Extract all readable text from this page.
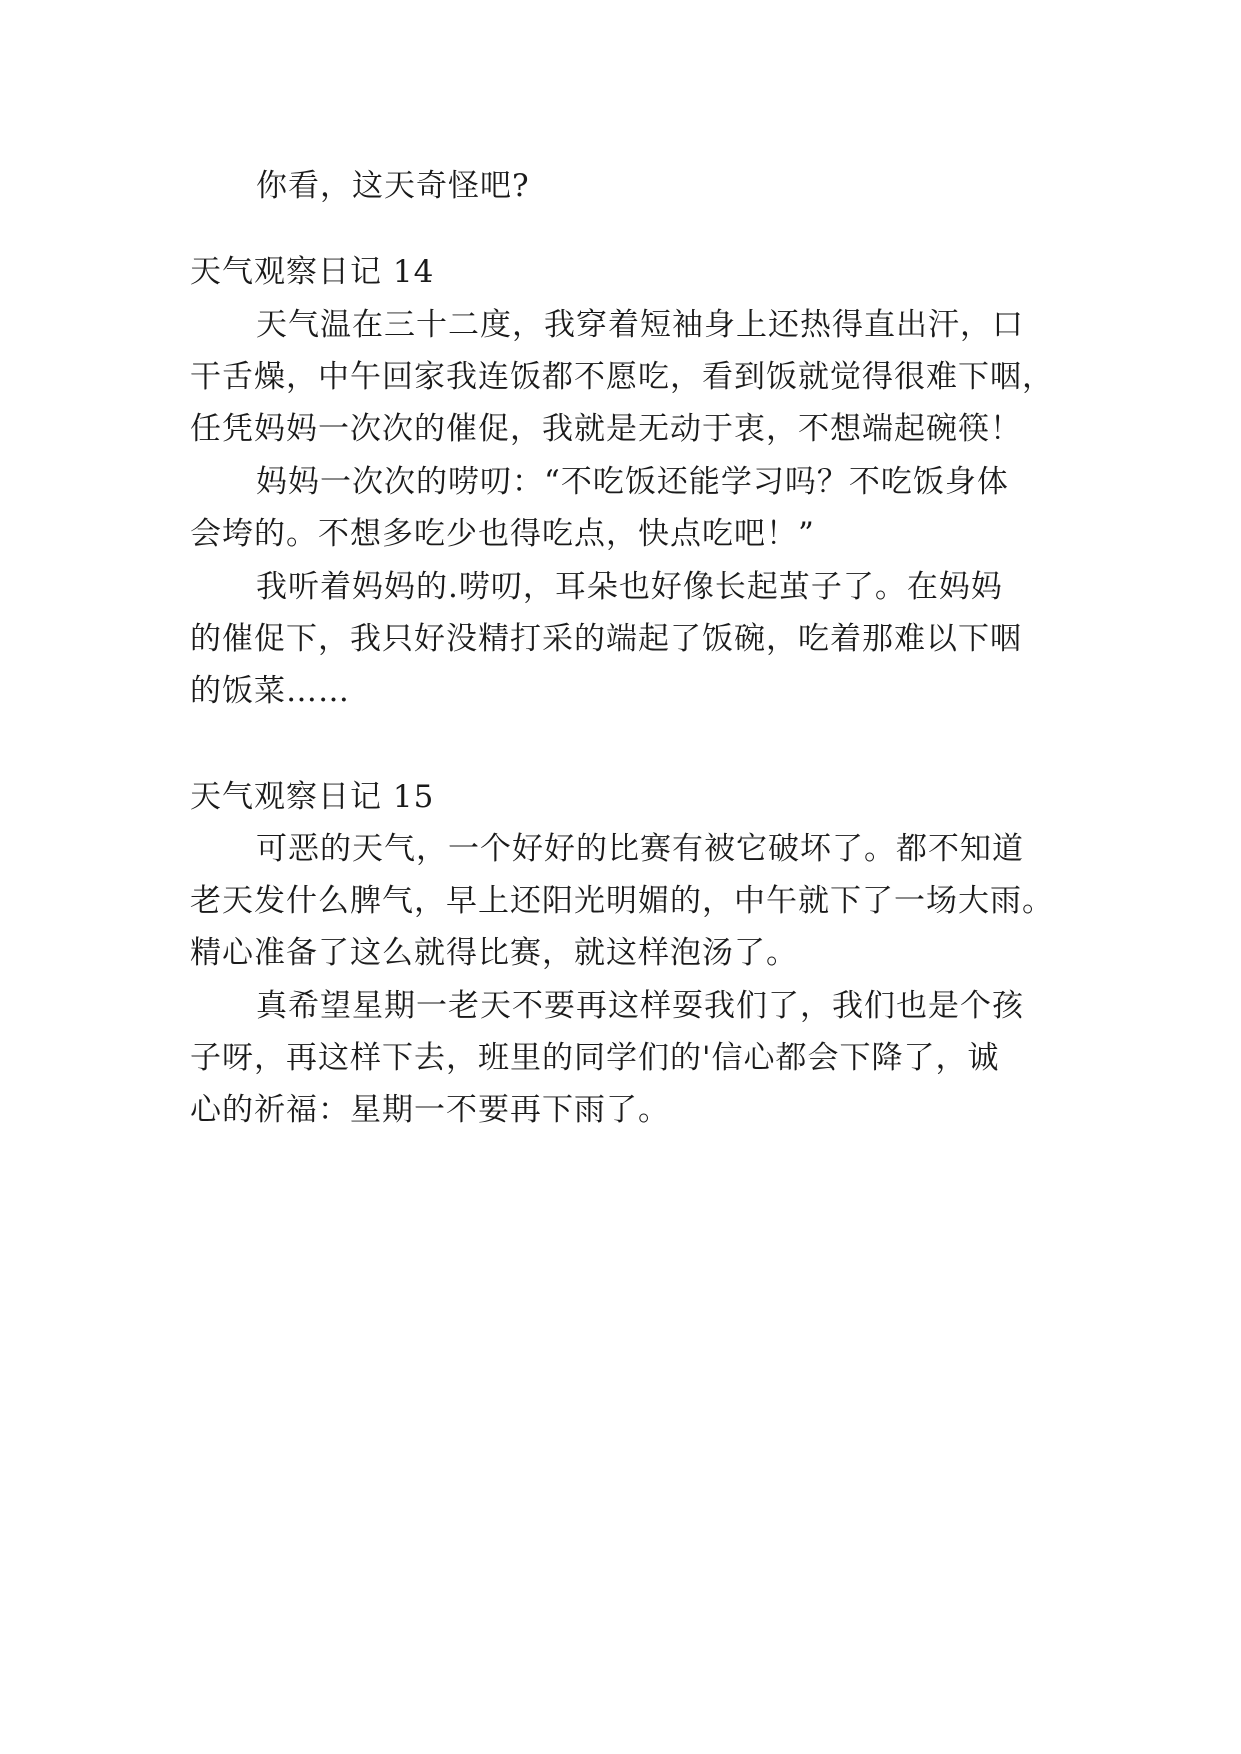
你看，这天奇怪吧?
天气观察日记 14
天气温在三十二度，我穿着短袖身上还热得直出汗，口
干舌燥，中午回家我连饭都不愿吃，看到饭就觉得很难下咽，
任凭妈妈一次次的催促，我就是无动于衷，不想端起碗筷！
妈妈一次次的唠叨：“不吃饭还能学习吗？不吃饭身体
会垮的。不想多吃少也得吃点，快点吃吧！”
我听着妈妈的.唠叨，耳朵也好像长起茧子了。在妈妈
的催促下，我只好没精打采的端起了饭碗，吃着那难以下咽
的饭菜……
天气观察日记 15
可恶的天气，一个好好的比赛有被它破坏了。都不知道
老天发什么脾气，早上还阳光明媚的，中午就下了一场大雨。
精心准备了这么就得比赛，就这样泡汤了。
真希望星期一老天不要再这样耍我们了，我们也是个孩
子呀，再这样下去，班里的同学们的'信心都会下降了，诚
心的祈福：星期一不要再下雨了。
